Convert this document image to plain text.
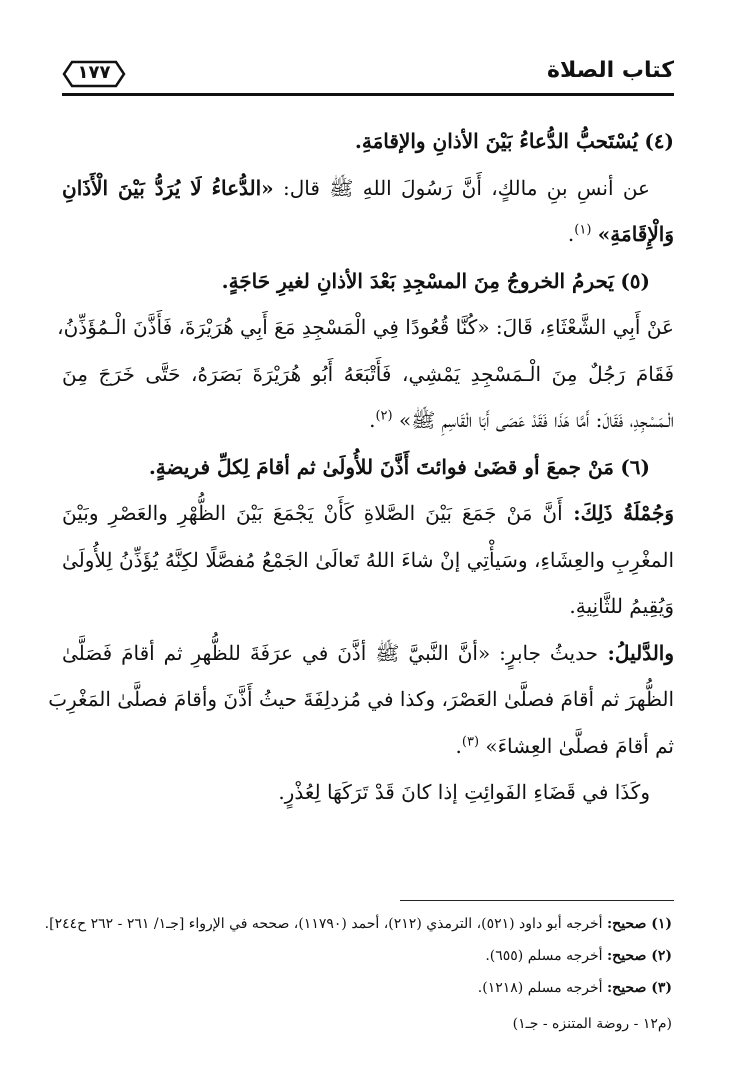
كتاب الصلاة
١٧٧
(٤) يُسْتَحبُّ الدُّعاءُ بَيْنَ الأذانِ والإقامَةِ.
عن أنسِ بنِ مالكٍ، أَنَّ رَسُولَ اللهِ ﷺ قال: «الدُّعاءُ لَا يُرَدُّ بَيْنَ الْأَذَانِ
وَالْإِقَامَةِ» $^{(١)}$.
(٥) يَحرمُ الخروجُ مِنَ المسْجِدِ بَعْدَ الأذانِ لغيرِ حَاجَةٍ.
عَنْ أَبِي الشَّعْثَاءِ، قَالَ: «كُنَّا قُعُودًا فِي الْمَسْجِدِ مَعَ أَبِي هُرَيْرَةَ، فَأَذَّنَ الْـمُؤَذِّنُ،
فَقَامَ رَجُلٌ مِنَ الْـمَسْجِدِ يَمْشِي، فَأَتْبَعَهُ أَبُو هُرَيْرَةَ بَصَرَهُ، حَتَّى خَرَجَ مِنَ
الْـمَسْجِدِ، فَقَالَ: أَمَّا هَذَا فَقَدْ عَصَى أَبَا الْقَاسِمِ ﷺ» $^{(٢)}$.
(٦) مَنْ جمعَ أو قضَىٰ فوائتَ أَذَّنَ للأُولَىٰ ثم أقامَ لِكلِّ فريضةٍ.
وَجُمْلَةُ ذَلِكَ: أَنَّ مَنْ جَمَعَ بَيْنَ الصَّلاةِ كَأَنْ يَجْمَعَ بَيْنَ الظُّهْرِ والعَصْرِ وبَيْنَ
المغْرِبِ والعِشَاءِ، وسَيأْتِي إنْ شاءَ اللهُ تَعالَىٰ الجَمْعُ مُفصَّلًا لكِنَّهُ يُؤَذِّنُ لِلأُولَىٰ
وَيُقِيمُ للثَّانِيةِ.
والدَّليلُ: حديثُ جابرٍ: «أنَّ النَّبيَّ ﷺ أذَّنَ في عرَفَةَ للظُّهرِ ثم أقامَ فَصَلَّىٰ
الظُّهرَ ثم أقامَ فصلَّىٰ العَصْرَ، وكذا في مُزدلِفَةَ حيثُ أَذَّنَ وأقامَ فصلَّىٰ المَغْرِبَ
ثم أقامَ فصلَّىٰ العِشاءَ» $^{(٣)}$.
وكَذَا في قَضَاءِ الفَوائِتِ إذا كانَ قَدْ تَرَكَهَا لِعُذْرٍ.
(١) صحيح: أخرجه أبو داود (٥٢١)، الترمذي (٢١٢)، أحمد (١١٧٩٠)، صححه في الإرواء [جـ١/ ٢٦١ - ٢٦٢ ح٢٤٤].
(٢) صحيح: أخرجه مسلم (٦٥٥).
(٣) صحيح: أخرجه مسلم (١٢١٨).
(م١٢ - روضة المتنزه - جـ١)
